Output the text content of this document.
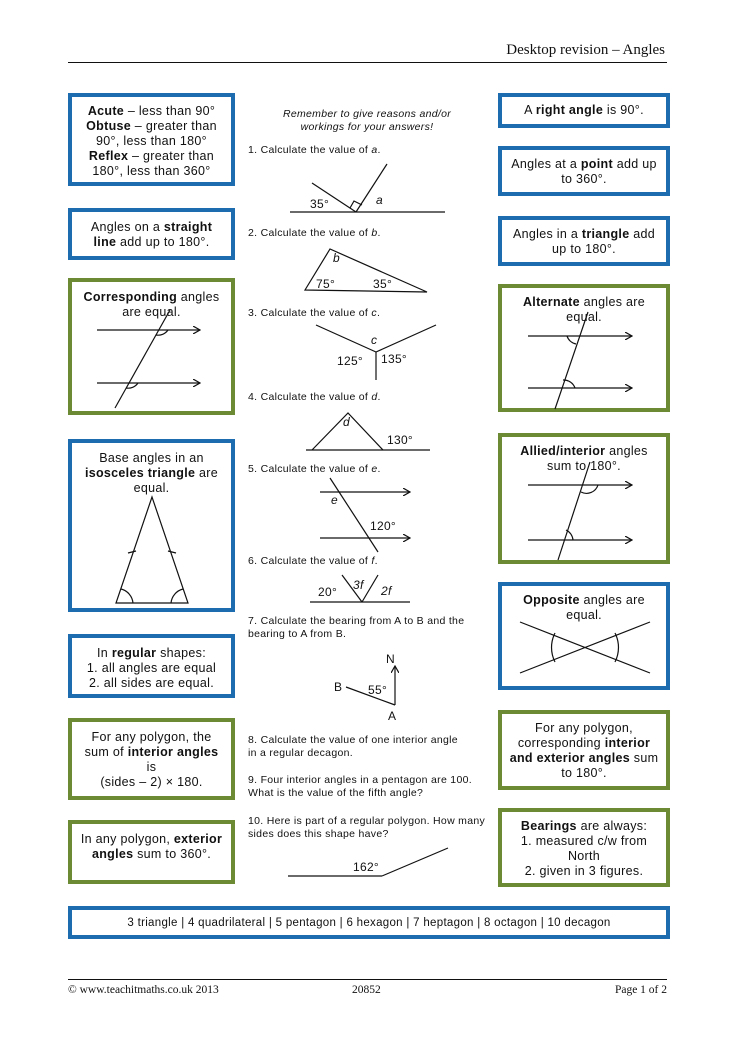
Desktop revision – Angles
Acute – less than 90°
Obtuse – greater than 90°, less than 180°
Reflex – greater than 180°, less than 360°
Angles on a straight line add up to 180°.
Corresponding angles are equal.
Base angles in an isosceles triangle are equal.
In regular shapes:
1. all angles are equal
2. all sides are equal.
For any polygon, the sum of interior angles is
(sides – 2) × 180.
In any polygon, exterior angles sum to 360°.
A right angle is 90°.
Angles at a point add up to 360°.
Angles in a triangle add up to 180°.
Alternate angles are equal.
Allied/interior angles sum to 180°.
Opposite angles are equal.
For any polygon, corresponding interior and exterior angles sum to 180°.
Bearings are always:
1. measured c/w from North
2. given in 3 figures.
3 triangle | 4 quadrilateral | 5 pentagon | 6 hexagon | 7 heptagon | 8 octagon | 10 decagon
Remember to give reasons and/or workings for your answers!
1. Calculate the value of a.
2. Calculate the value of b.
3. Calculate the value of c.
4. Calculate the value of d.
5. Calculate the value of e.
6. Calculate the value of f.
7. Calculate the bearing from A to B and the bearing to A from B.
8. Calculate the value of one interior angle in a regular decagon.
9. Four interior angles in a pentagon are 100. What is the value of the fifth angle?
10. Here is part of a regular polygon. How many sides does this shape have?
35°	a
b
75°	35°
c
125° 135°
d
130°
e
120°
20° 3f 2f
N
B 55°
A
162°
© www.teachitmaths.co.uk 2013	20852	Page 1 of 2
